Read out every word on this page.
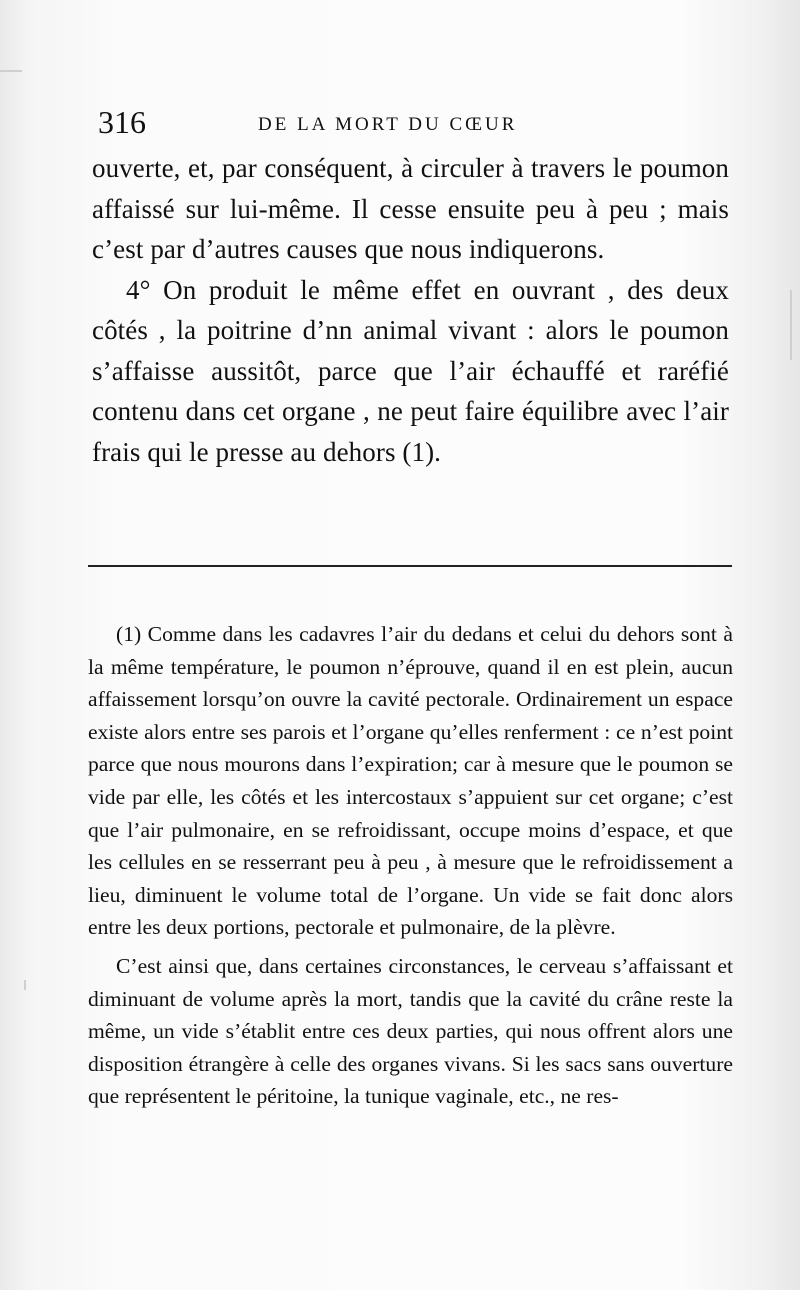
316	DE LA MORT DU CŒUR

ouverte, et, par conséquent, à circuler à travers le poumon affaissé sur lui-même. Il cesse ensuite peu à peu ; mais c’est par d’autres causes que nous indiquerons.

4° On produit le même effet en ouvrant , des deux côtés , la poitrine d’nn animal vivant : alors le poumon s’affaisse aussitôt, parce que l’air échauffé et raréfié contenu dans cet organe , ne peut faire équilibre avec l’air frais qui le presse au dehors (1).

(1) Comme dans les cadavres l’air du dedans et celui du dehors sont à la même température, le poumon n’éprouve, quand il en est plein, aucun affaissement lorsqu’on ouvre la cavité pectorale. Ordinairement un espace existe alors entre ses parois et l’organe qu’elles renferment : ce n’est point parce que nous mourons dans l’expiration; car à mesure que le poumon se vide par elle, les côtés et les intercostaux s’appuient sur cet organe; c’est que l’air pulmonaire, en se refroidissant, occupe moins d’espace, et que les cellules en se resserrant peu à peu , à mesure que le refroidissement a lieu, diminuent le volume total de l’organe. Un vide se fait donc alors entre les deux portions, pectorale et pulmonaire, de la plèvre.

C’est ainsi que, dans certaines circonstances, le cerveau s’affaissant et diminuant de volume après la mort, tandis que la cavité du crâne reste la même, un vide s’établit entre ces deux parties, qui nous offrent alors une disposition étrangère à celle des organes vivans. Si les sacs sans ouverture que représentent le péritoine, la tunique vaginale, etc., ne res-
